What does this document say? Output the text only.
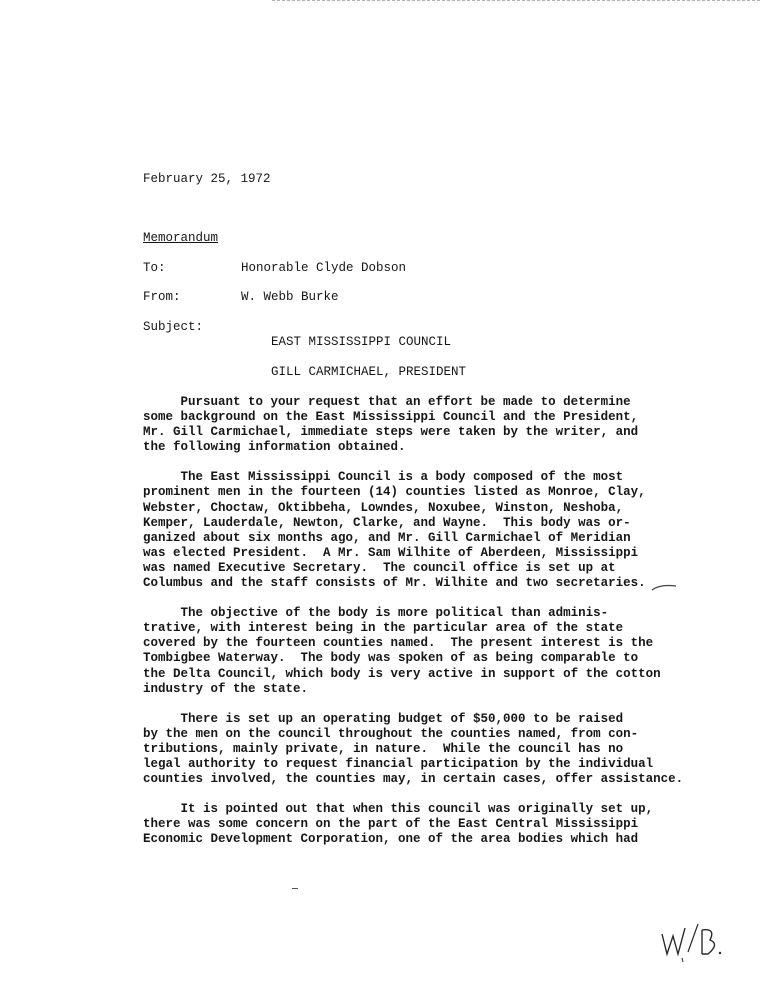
February 25, 1972
Memorandum

To:

	Honorable Clyde Dobson

From:

	W. Webb Burke

Subject:

EAST MISSISSIPPI COUNCIL

GILL CARMICHAEL, PRESIDENT

Pursuant to your request that an effort be made to determine
some background on the East Mississippi Council and the President,
Mr. Gill Carmichael, immediate steps were taken by the writer, and
the following information obtained.

The East Mississippi Council is a body composed of the most
prominent men in the fourteen (14) counties listed as Monroe, Clay,
Webster, Choctaw, Oktibbeha, Lowndes, Noxubee, Winston, Neshoba,
Kemper, Lauderdale, Newton, Clarke, and Wayne.  This body was or-
ganized about six months ago, and Mr. Gill Carmichael of Meridian
was elected President.  A Mr. Sam Wilhite of Aberdeen, Mississippi
was named Executive Secretary.  The council office is set up at
Columbus and the staff consists of Mr. Wilhite and two secretaries.

The objective of the body is more political than adminis-
trative, with interest being in the particular area of the state
covered by the fourteen counties named.  The present interest is the
Tombigbee Waterway.  The body was spoken of as being comparable to
the Delta Council, which body is very active in support of the cotton
industry of the state.

There is set up an operating budget of $50,000 to be raised
by the men on the council throughout the counties named, from con-
tributions, mainly private, in nature.  While the council has no
legal authority to request financial participation by the individual
counties involved, the counties may, in certain cases, offer assistance.

It is pointed out that when this council was originally set up,
there was some concern on the part of the East Central Mississippi
Economic Development Corporation, one of the area bodies which had
